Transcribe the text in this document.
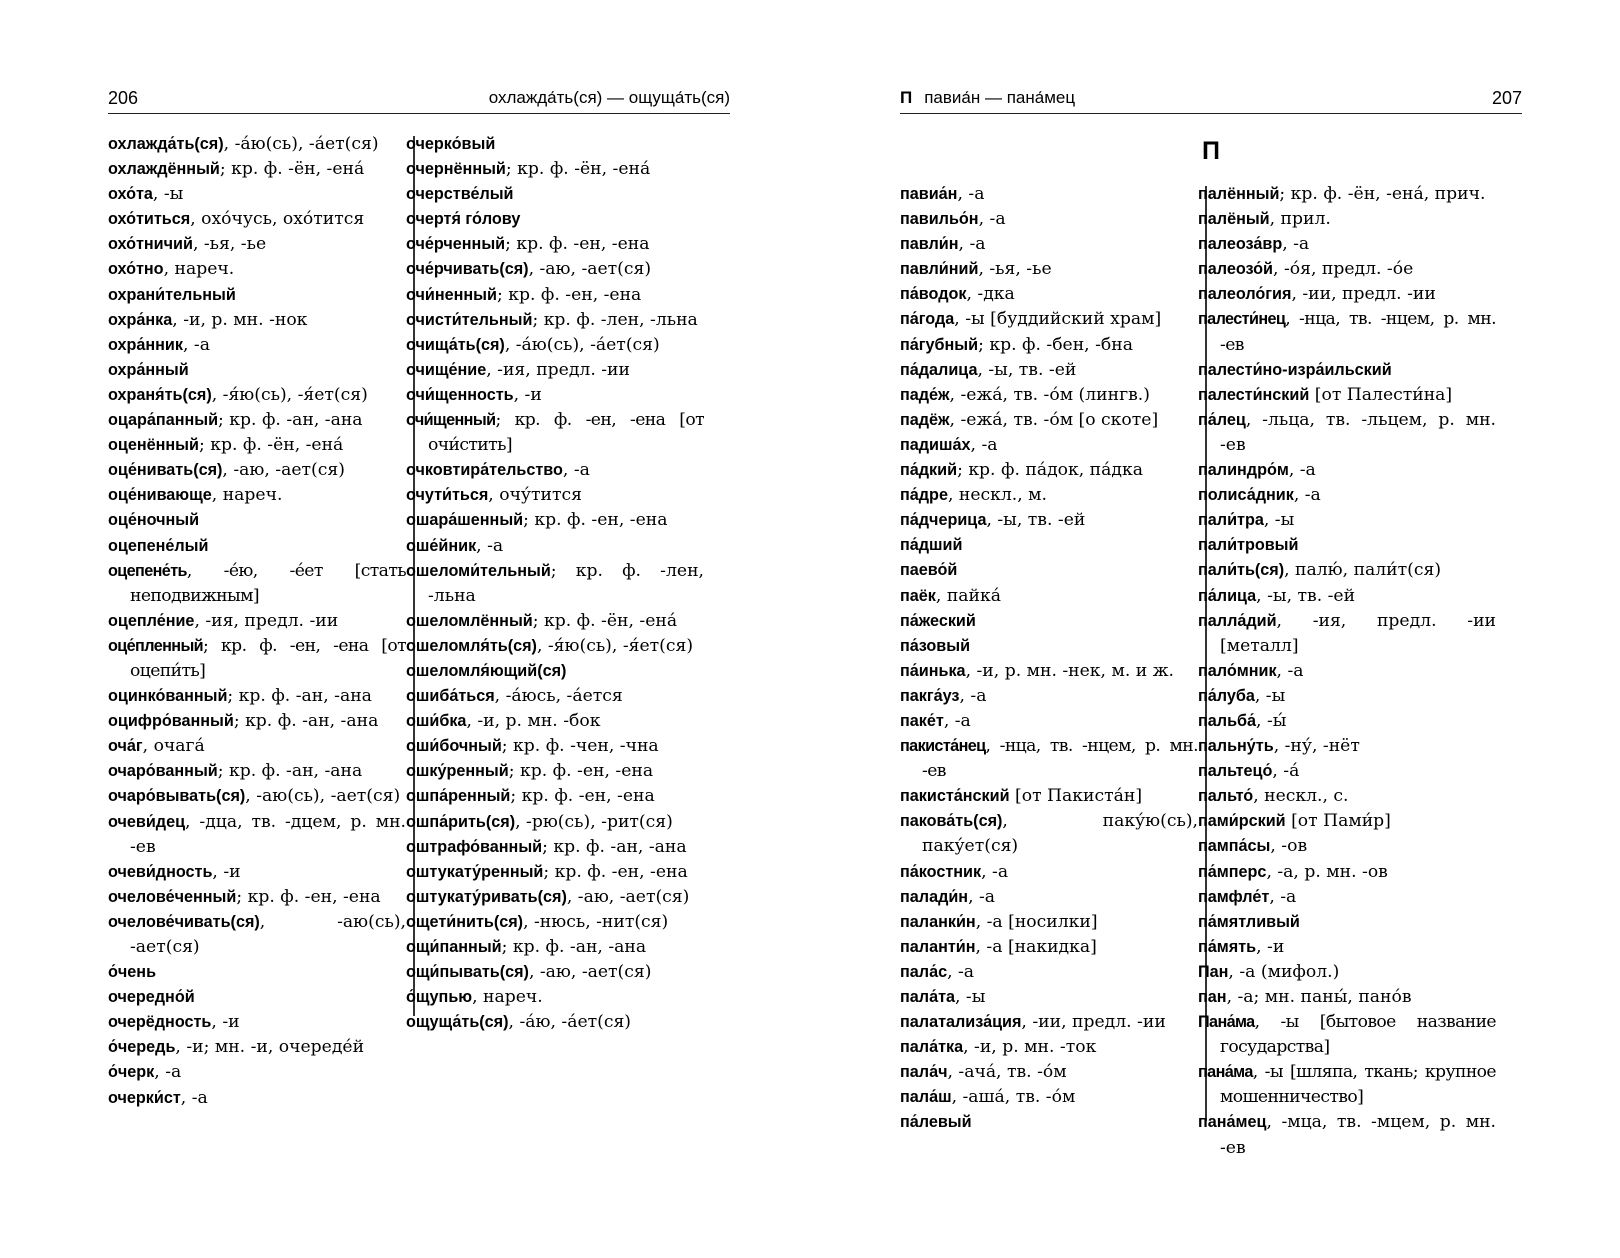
206	охлажда́ть(ся) — ощуща́ть(ся)
охлажда́ть(ся), -а́ю(сь), -а́ет(ся)
охлаждённый; кр. ф. -ён, -ена́
охо́та, -ы
охо́титься, охо́чусь, охо́тится
охо́тничий, -ья, -ье
охо́тно, нареч.
охрани́тельный
охра́нка, -и, р. мн. -нок
охра́нник, -а
охра́нный
охраня́ть(ся), -я́ю(сь), -я́ет(ся)
оцара́панный; кр. ф. -ан, -ана
оценённый; кр. ф. -ён, -ена́
оце́нивать(ся), -аю, -ает(ся)
оце́нивающе, нареч.
оце́ночный
оцепене́лый
оцепене́ть, -е́ю, -е́ет [стать неподвижным]
оцепле́ние, -ия, предл. -ии
оце́пленный; кр. ф. -ен, -ена [от оцепи́ть]
оцинко́ванный; кр. ф. -ан, -ана
оцифро́ванный; кр. ф. -ан, -ана
оча́г, очага́
очаро́ванный; кр. ф. -ан, -ана
очаро́вывать(ся), -аю(сь), -ает(ся)
очеви́дец, -дца, тв. -дцем, р. мн. -ев
очеви́дность, -и
очелове́ченный; кр. ф. -ен, -ена
очелове́чивать(ся), -аю(сь), -ает(ся)
о́чень
очередно́й
очерёдность, -и
о́чередь, -и; мн. -и, очереде́й
о́черк, -а
очерки́ст, -а
очерко́вый
очернённый; кр. ф. -ён, -ена́
очерстве́лый
очертя́ го́лову
оче́рченный; кр. ф. -ен, -ена
оче́рчивать(ся), -аю, -ает(ся)
очи́ненный; кр. ф. -ен, -ена
очисти́тельный; кр. ф. -лен, -льна
очища́ть(ся), -а́ю(сь), -а́ет(ся)
очище́ние, -ия, предл. -ии
очи́щенность, -и
очи́щенный; кр. ф. -ен, -ена [от очи́стить]
очковтира́тельство, -а
очути́ться, очу́тится
ошара́шенный; кр. ф. -ен, -ена
оше́йник, -а
ошеломи́тельный; кр. ф. -лен, -льна
ошеломлённый; кр. ф. -ён, -ена́
ошеломля́ть(ся), -я́ю(сь), -я́ет(ся)
ошеломля́ющий(ся)
ошиба́ться, -а́юсь, -а́ется
оши́бка, -и, р. мн. -бок
оши́бочный; кр. ф. -чен, -чна
ошку́ренный; кр. ф. -ен, -ена
ошпа́ренный; кр. ф. -ен, -ена
ошпа́рить(ся), -рю(сь), -рит(ся)
оштрафо́ванный; кр. ф. -ан, -ана
оштукату́ренный; кр. ф. -ен, -ена
оштукату́ривать(ся), -аю, -ает(ся)
ощети́нить(ся), -нюсь, -нит(ся)
ощи́панный; кр. ф. -ан, -ана
ощи́пывать(ся), -аю, -ает(ся)
о́щупью, нареч.
ощуща́ть(ся), -а́ю, -а́ет(ся)
П павиа́н — пана́мец	207
П
павиа́н, -а
павильо́н, -а
павли́н, -а
павли́ний, -ья, -ье
па́водок, -дка
па́года, -ы [буддийский храм]
па́губный; кр. ф. -бен, -бна
па́далица, -ы, тв. -ей
паде́ж, -ежа́, тв. -о́м (лингв.)
падёж, -ежа́, тв. -о́м [о скоте]
падиша́х, -а
па́дкий; кр. ф. па́док, па́дка
па́дре, нескл., м.
па́дчерица, -ы, тв. -ей
па́дший
паево́й
паёк, пайка́
па́жеский
па́зовый
па́инька, -и, р. мн. -нек, м. и ж.
пакга́уз, -а
паке́т, -а
пакиста́нец, -нца, тв. -нцем, р. мн. -ев
пакиста́нский [от Пакиста́н]
пакова́ть(ся), паку́ю(сь), паку́ет(ся)
па́костник, -а
палади́н, -а
паланки́н, -а [носилки]
паланти́н, -а [накидка]
пала́с, -а
пала́та, -ы
палатализа́ция, -ии, предл. -ии
пала́тка, -и, р. мн. -ток
пала́ч, -ача́, тв. -о́м
пала́ш, -аша́, тв. -о́м
па́левый
палённый; кр. ф. -ён, -ена́, прич.
палёный, прил.
палеоза́вр, -а
палеозо́й, -о́я, предл. -о́е
палеоло́гия, -ии, предл. -ии
палести́нец, -нца, тв. -нцем, р. мн. -ев
палести́но-изра́ильский
палести́нский [от Палести́на]
па́лец, -льца, тв. -льцем, р. мн. -ев
палиндро́м, -а
полиса́дник, -а
пали́тра, -ы
пали́тровый
пали́ть(ся), палю́, пали́т(ся)
па́лица, -ы, тв. -ей
палла́дий, -ия, предл. -ии [металл]
пало́мник, -а
па́луба, -ы
пальба́, -ы́
пальну́ть, -ну́, -нёт
пальтецо́, -а́
пальто́, нескл., с.
пами́рский [от Пами́р]
пампа́сы, -ов
па́мперс, -а, р. мн. -ов
памфле́т, -а
па́мятливый
па́мять, -и
Пан, -а (мифол.)
пан, -а; мн. паны́, пано́в
Пана́ма, -ы [бытовое название государства]
пана́ма, -ы [шляпа, ткань; крупное мошенничество]
пана́мец, -мца, тв. -мцем, р. мн. -ев
